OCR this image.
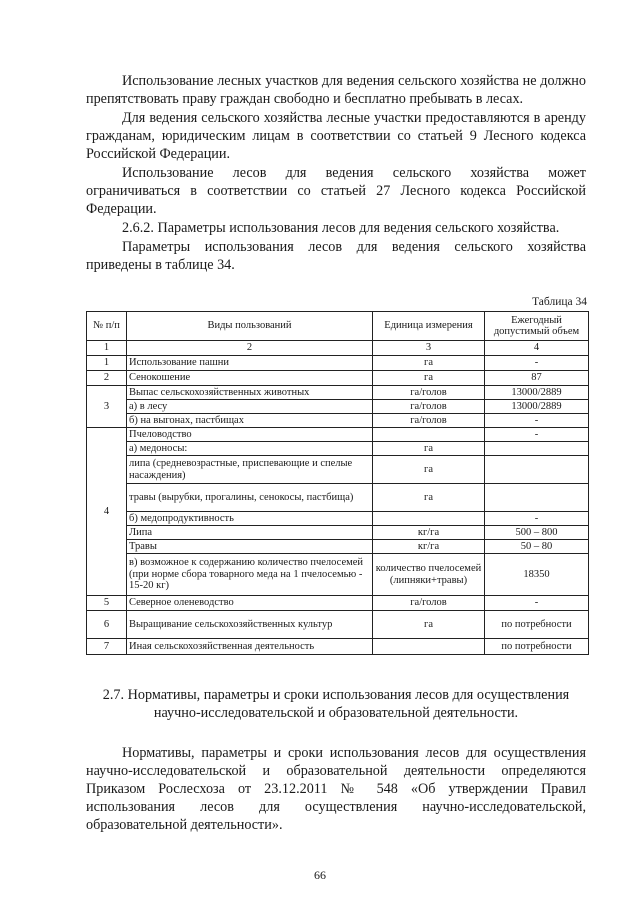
Использование лесных участков для ведения сельского хозяйства не должно препятствовать праву граждан свободно и бесплатно пребывать в лесах.

Для ведения сельского хозяйства лесные участки предоставляются в аренду гражданам, юридическим лицам в соответствии со статьей 9 Лесного кодекса Российской Федерации.

Использование лесов для ведения сельского хозяйства может ограничиваться в соответствии со статьей 27 Лесного кодекса Российской Федерации.

2.6.2. Параметры использования лесов для ведения сельского хозяйства.

Параметры использования лесов для ведения сельского хозяйства приведены в таблице 34.

Таблица 34
№ п/п	Виды пользований	Единица измерения	Ежегодный допустимый объем
1	2	3	4
1	Использование пашни	га	-
2	Сенокошение	га	87
3	Выпас сельскохозяйственных животных	га/голов	13000/2889
	а) в лесу	га/голов	13000/2889
	б) на выгонах, пастбищах	га/голов	-
4	Пчеловодство		-
	а) медоносы:	га	
	липа (средневозрастные, приспевающие и спелые насаждения)	га	
	травы (вырубки, прогалины, сенокосы, пастбища)	га	
	б) медопродуктивность		-
	Липа	кг/га	500 – 800
	Травы	кг/га	50 – 80
	в) возможное к содержанию количество пчелосемей (при норме сбора товарного меда на 1 пчелосемью - 15-20 кг)	количество пчелосемей (липняки+травы)	18350
5	Северное оленеводство	га/голов	-
6	Выращивание сельскохозяйственных культур	га	по потребности
7	Иная сельскохозяйственная деятельность		по потребности
2.7. Нормативы, параметры и сроки использования лесов для осуществления научно-исследовательской и образовательной деятельности.

Нормативы, параметры и сроки использования лесов для осуществления научно-исследовательской и образовательной деятельности определяются Приказом Рослесхоза от 23.12.2011 № 548 «Об утверждении Правил использования лесов для осуществления научно-исследовательской, образовательной деятельности».

66
